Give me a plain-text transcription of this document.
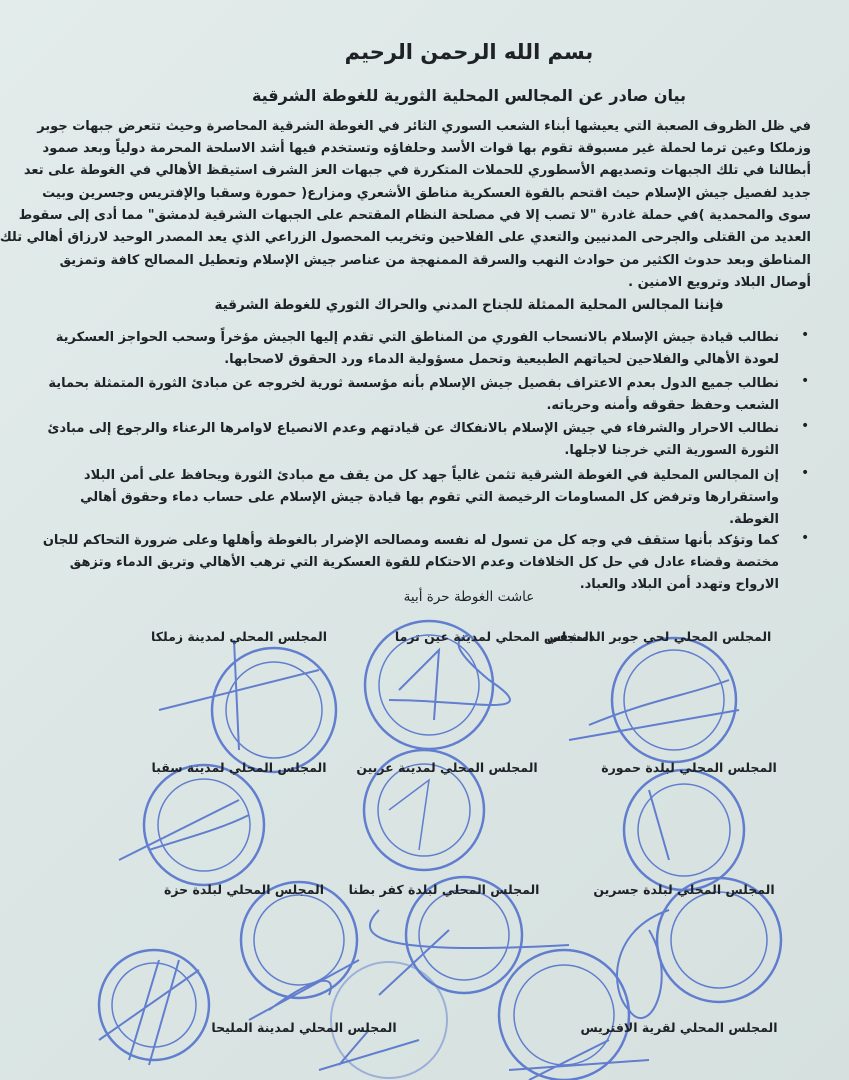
بسم الله الرحمن الرحيم
بيان صادر عن المجالس المحلية الثورية للغوطة الشرقية
في ظل الظروف الصعبة التي يعيشها أبناء الشعب السوري الثائر في الغوطة الشرقية المحاصرة وحيث تتعرض جبهات جوبر
وزملكا وعين ترما لحملة غير مسبوقة تقوم بها قوات الأسد وحلفاؤه وتستخدم فيها أشد الاسلحة المحرمة دولياً وبعد صمود
أبطالنا في تلك الجبهات وتصديهم الأسطوري للحملات المتكررة في جبهات العز الشرف استيقظ الأهالي في الغوطة على تعد
جديد لفصيل جيش الإسلام حيث اقتحم بالقوة العسكرية مناطق الأشعري ومزارع( حمورة وسقبا والإفتريس وجسرين وبيت
سوى والمحمدية )في حملة غادرة "لا تصب إلا في مصلحة النظام المقتحم على الجبهات الشرقية لدمشق" مما أدى إلى سقوط
العديد من القتلى والجرحى المدنيين والتعدي على الفلاحين وتخريب المحصول الزراعي الذي يعد المصدر الوحيد لارزاق أهالي تلك
المناطق وبعد حدوث الكثير من حوادث النهب والسرقة الممنهجة من عناصر جيش الإسلام وتعطيل المصالح كافة وتمزيق
أوصال البلاد وترويع الامنين .
فإننا المجالس المحلية الممثلة للجناح المدني والحراك الثوري للغوطة الشرقية
•
نطالب قيادة جيش الإسلام بالانسحاب الفوري من المناطق التي تقدم إليها الجيش مؤخراً وسحب الحواجز العسكرية
لعودة الأهالي والفلاحين لحياتهم الطبيعية وتحمل مسؤولية الدماء ورد الحقوق لاصحابها.
•
نطالب جميع الدول بعدم الاعتراف بفصيل جيش الإسلام بأنه مؤسسة ثورية لخروجه عن مبادئ الثورة المتمثلة بحماية
الشعب وحفظ حقوقه وأمنه وحرياته.
•
نطالب الاحرار والشرفاء في جيش الإسلام بالانفكاك عن قيادتهم وعدم الانصياع لاوامرها الرعناء والرجوع إلى مبادئ
الثورة السورية التي خرجنا لاجلها.
•
إن المجالس المحلية في الغوطة الشرقية تثمن غالياً جهد كل من يقف مع مبادئ الثورة ويحافظ على أمن البلاد
واستقرارها وترفض كل المساومات الرخيصة التي تقوم بها قيادة جيش الإسلام على حساب دماء وحقوق أهالي
الغوطة.
•
كما وتؤكد بأنها ستقف في وجه كل من تسول له نفسه ومصالحه الإضرار بالغوطة وأهلها وعلى ضرورة التحاكم للجان
مختصة وقضاء عادل في حل كل الخلافات وعدم الاحتكام للقوة العسكرية التي ترهب الأهالي وتريق الدماء وتزهق
الارواح وتهدد أمن البلاد والعباد.
عاشت الغوطة حرة أبية
المجلس المحلي لحي جوبر الدمشقي
المجلس المحلي لمدينة عين ترما
المجلس المحلي لمدينة زملكا
المجلس المحلي لبلدة حمورة
المجلس المحلي لمدينة عربين
المجلس المحلي لمدينة سقبا
المجلس المحلي لبلدة جسرين
المجلس المحلي لبلدة كفر بطنا
المجلس المحلي لبلدة حزة
المجلس المحلي لقرية الافتريس
المجلس المحلي لمدينة المليحا
